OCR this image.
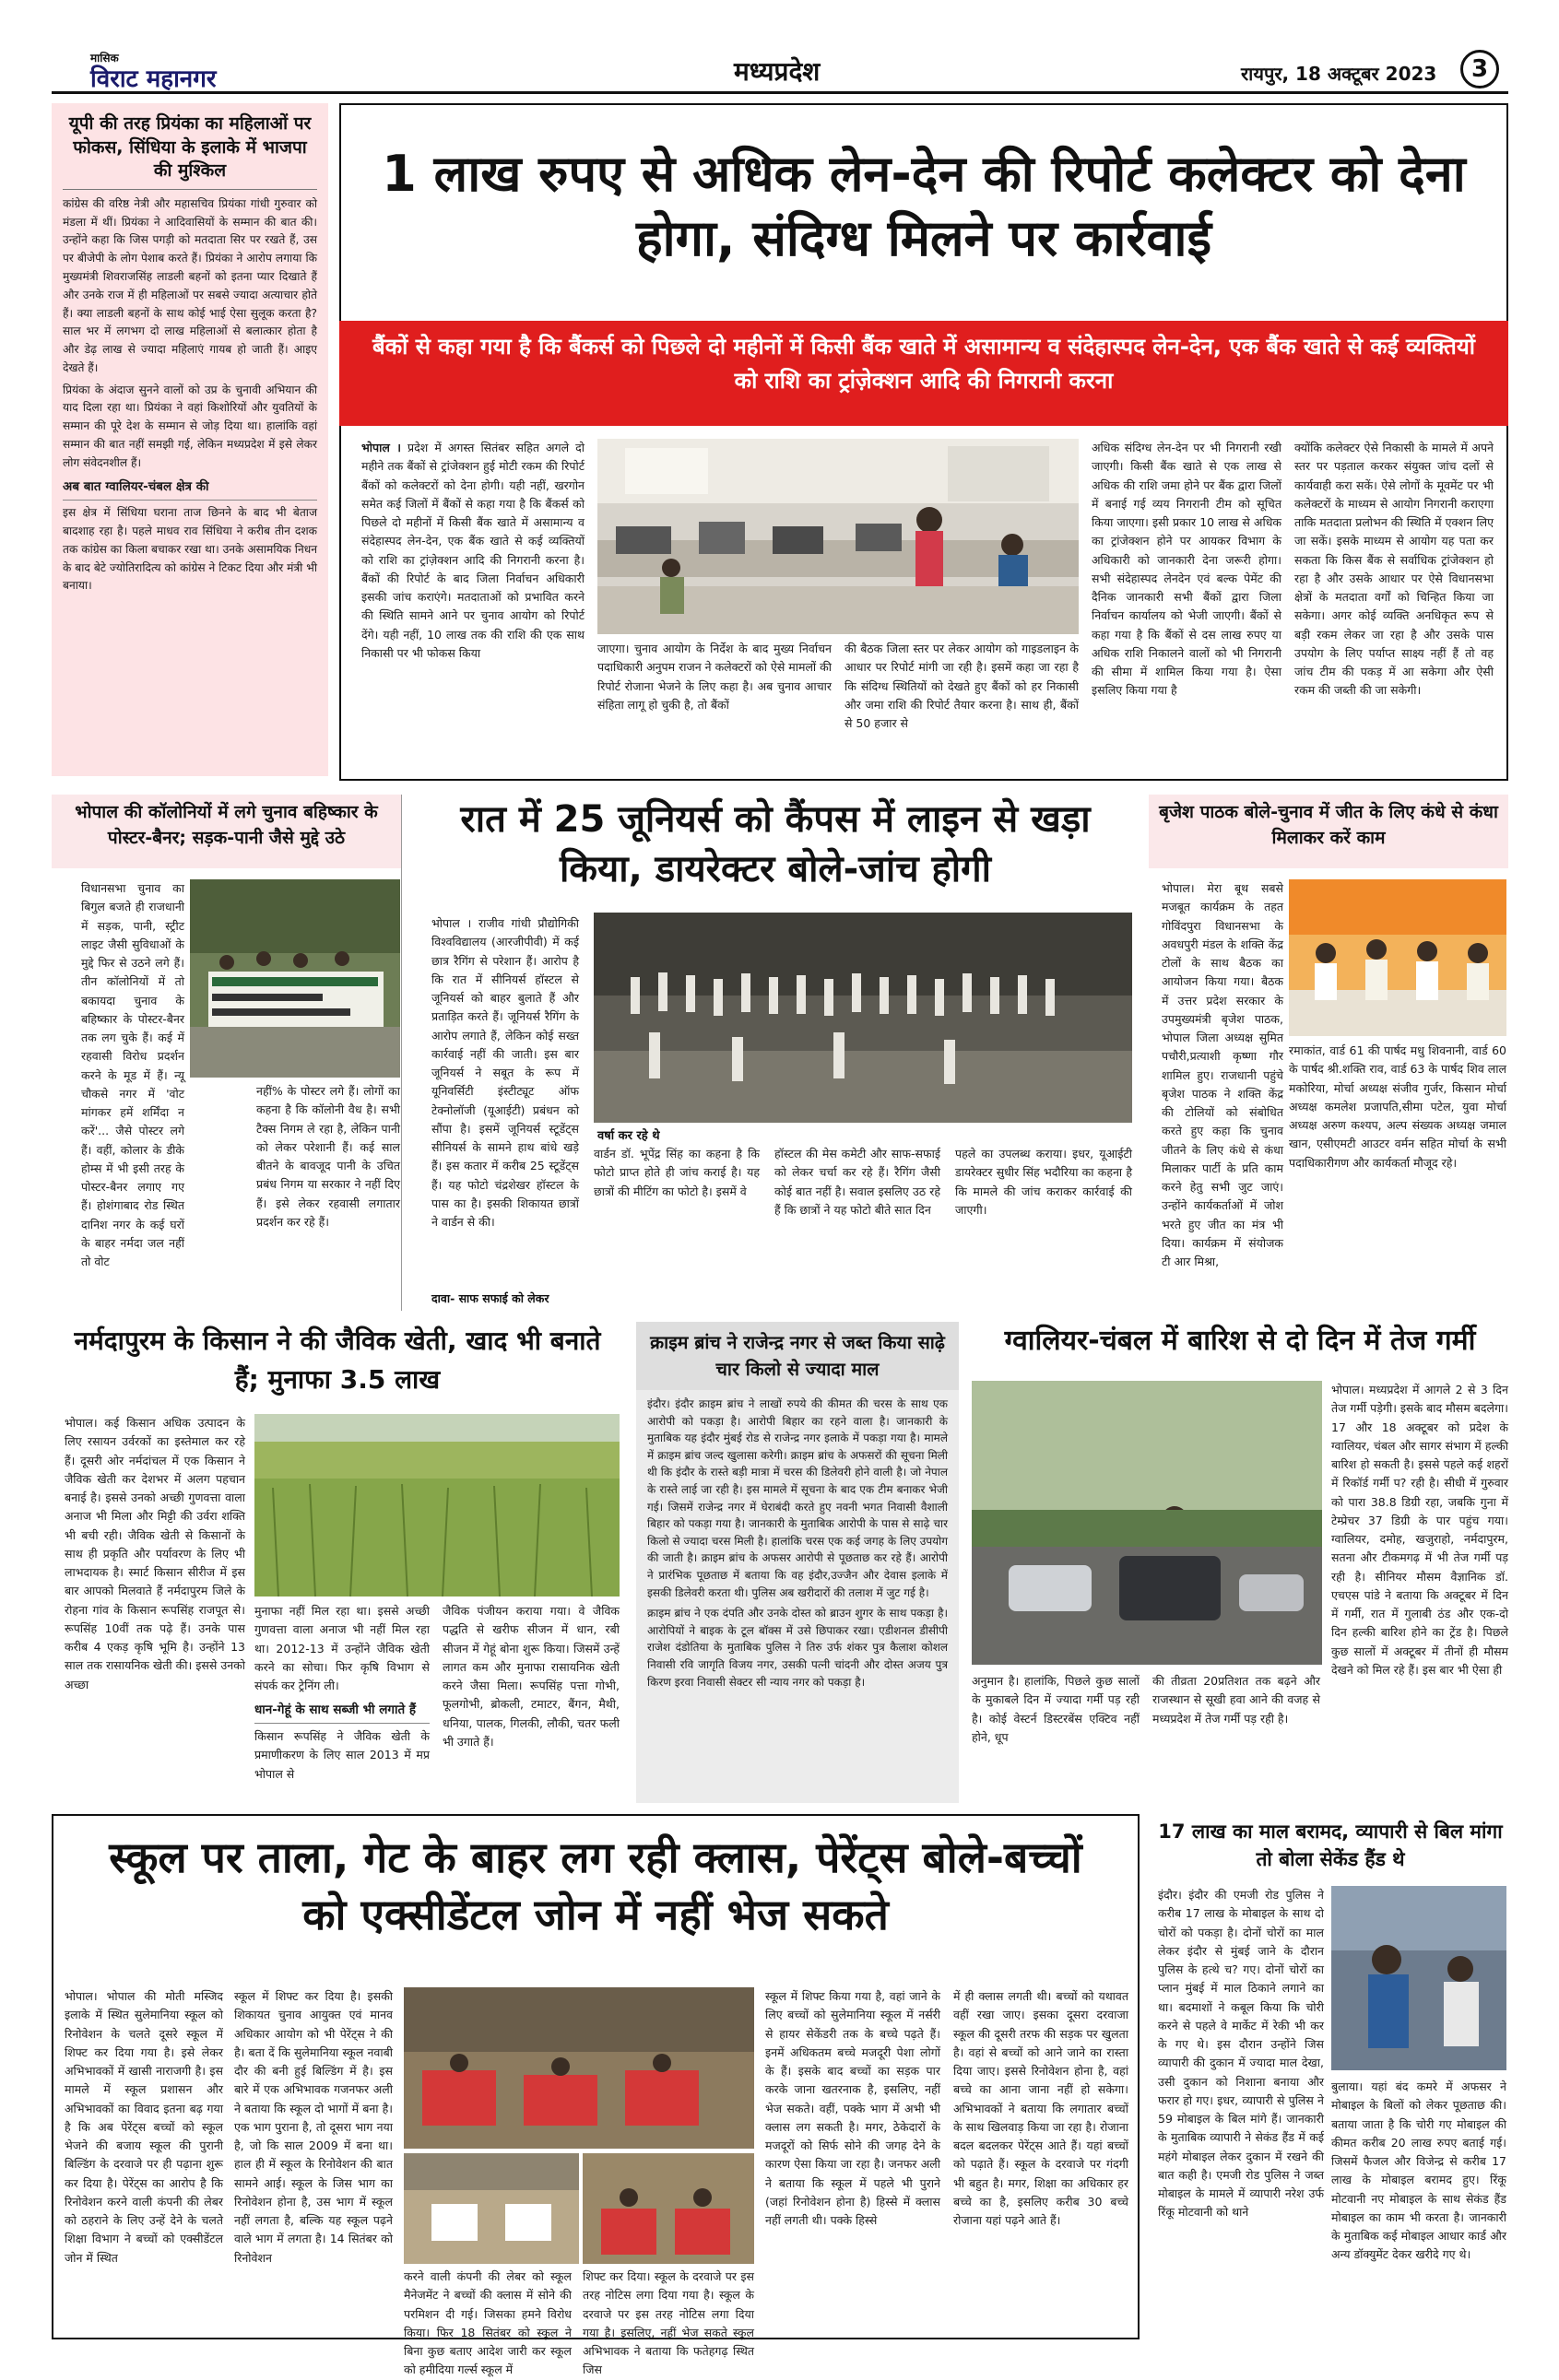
मासिक
विराट महानगर	मध्यप्रदेश	रायपुर, 18 अक्टूबर 2023	3
यूपी की तरह प्रियंका का महिलाओं पर फोकस, सिंधिया के इलाके में भाजपा की मुश्किल

कांग्रेस की वरिष्ठ नेत्री और महासचिव प्रियंका गांधी गुरुवार को मंडला में थीं। प्रियंका ने आदिवासियों के सम्मान की बात की। उन्होंने कहा कि जिस पगड़ी को मतदाता सिर पर रखते हैं, उस पर बीजेपी के लोग पेशाब करते हैं। प्रियंका ने आरोप लगाया कि मुख्यमंत्री शिवराजसिंह लाडली बहनों को इतना प्यार दिखाते हैं और उनके राज में ही महिलाओं पर सबसे ज्यादा अत्याचार होते हैं। क्या लाडली बहनों के साथ कोई भाई ऐसा सुलूक करता है? साल भर में लगभग दो लाख महिलाओं से बलात्कार होता है और डेढ़ लाख से ज्यादा महिलाएं गायब हो जाती हैं। आइए देखते हैं।

प्रियंका के अंदाज सुनने वालों को उप्र के चुनावी अभियान की याद दिला रहा था। प्रियंका ने वहां किशोरियों और युवतियों के सम्मान की पूरे देश के सम्मान से जोड़ दिया था। हालांकि वहां सम्मान की बात नहीं समझी गई, लेकिन मध्यप्रदेश में इसे लेकर लोग संवेदनशील हैं।

अब बात ग्वालियर-चंबल क्षेत्र की

इस क्षेत्र में सिंधिया घराना ताज छिनने के बाद भी बेताज बादशाह रहा है। पहले माधव राव सिंधिया ने करीब तीन दशक तक कांग्रेस का किला बचाकर रखा था। उनके असामयिक निधन के बाद बेटे ज्योतिरादित्य को कांग्रेस ने टिकट दिया और मंत्री भी बनाया।

1 लाख रुपए से अधिक लेन-देन की रिपोर्ट कलेक्टर को देना होगा, संदिग्ध मिलने पर कार्रवाई
बैंकों से कहा गया है कि बैंकर्स को पिछले दो महीनों में किसी बैंक खाते में असामान्य व संदेहास्पद लेन-देन, एक बैंक खाते से कई व्यक्तियों को राशि का ट्रांज़ेक्शन आदि की निगरानी करना
भोपाल । प्रदेश में अगस्त सितंबर सहित अगले दो महीने तक बैंकों से ट्रांजेक्शन हुई मोटी रकम की रिपोर्ट बैंकों को कलेक्टरों को देना होगी। यही नहीं, खरगोन समेत कई जिलों में बैंकों से कहा गया है कि बैंकर्स को पिछले दो महीनों में किसी बैंक खाते में असामान्य व संदेहास्पद लेन-देन, एक बैंक खाते से कई व्यक्तियों को राशि का ट्रांज़ेक्शन आदि की निगरानी करना है। बैंकों की रिपोर्ट के बाद जिला निर्वाचन अधिकारी इसकी जांच कराएंगे। मतदाताओं को प्रभावित करने की स्थिति सामने आने पर चुनाव आयोग को रिपोर्ट देंगे। यही नहीं, 10 लाख तक की राशि की एक साथ निकासी पर भी फोकस किया	जाएगा। चुनाव आयोग के निर्देश के बाद मुख्य निर्वाचन पदाधिकारी अनुपम राजन ने कलेक्टरों को ऐसे मामलों की रिपोर्ट रोजाना भेजने के लिए कहा है। अब चुनाव आचार संहिता लागू हो चुकी है, तो बैंकों
की बैठक जिला स्तर पर लेकर आयोग को गाइडलाइन के आधार पर रिपोर्ट मांगी जा रही है। इसमें कहा जा रहा है कि संदिग्ध स्थितियों को देखते हुए बैंकों को हर निकासी और जमा राशि की रिपोर्ट तैयार करना है। साथ ही, बैंकों से 50 हजार से
अधिक संदिग्ध लेन-देन पर भी निगरानी रखी जाएगी। किसी बैंक खाते से एक लाख से अधिक की राशि जमा होने पर बैंक द्वारा जिलों में बनाई गई व्यय निगरानी टीम को सूचित किया जाएगा। इसी प्रकार 10 लाख से अधिक का ट्रांजेक्शन होने पर आयकर विभाग के अधिकारी को जानकारी देना जरूरी होगा। सभी संदेहास्पद लेनदेन एवं बल्क पेमेंट की दैनिक जानकारी सभी बैंकों द्वारा जिला निर्वाचन कार्यालय को भेजी जाएगी। बैंकों से कहा गया है कि बैंकों से दस लाख रुपए या अधिक राशि निकालने वालों को भी निगरानी की सीमा में शामिल किया गया है। ऐसा इसलिए किया गया है
क्योंकि कलेक्टर ऐसे निकासी के मामले में अपने स्तर पर पड़ताल करकर संयुक्त जांच दलों से कार्यवाही करा सकें। ऐसे लोगों के मूवमेंट पर भी कलेक्टरों के माध्यम से आयोग निगरानी कराएगा ताकि मतदाता प्रलोभन की स्थिति में एक्शन लिए जा सकें। इसके माध्यम से आयोग यह पता कर सकता कि किस बैंक से सर्वाधिक ट्रांजेक्शन हो रहा है और उसके आधार पर ऐसे विधानसभा क्षेत्रों के मतदाता वर्गों को चिन्हित किया जा सकेगा। अगर कोई व्यक्ति अनधिकृत रूप से बड़ी रकम लेकर जा रहा है और उसके पास उपयोग के लिए पर्याप्त साक्ष्य नहीं हैं तो वह जांच टीम की पकड़ में आ सकेगा और ऐसी रकम की जब्ती की जा सकेगी।
भोपाल की कॉलोनियों में लगे चुनाव बहिष्कार के पोस्टर-बैनर; सड़क-पानी जैसे मुद्दे उठे
विधानसभा चुनाव का बिगुल बजते ही राजधानी में सड़क, पानी, स्ट्रीट लाइट जैसी सुविधाओं के मुद्दे फिर से उठने लगे हैं। तीन कॉलोनियों में तो बकायदा चुनाव के बहिष्कार के पोस्टर-बैनर तक लग चुके हैं। कई में रहवासी विरोध प्रदर्शन करने के मूड में हैं। न्यू चौकसे नगर में 'वोट मांगकर हमें शर्मिंदा न करें'... जैसे पोस्टर लगे हैं। वहीं, कोलार के डीके होम्स में भी इसी तरह के पोस्टर-बैनर लगाए गए हैं। होशंगाबाद रोड स्थित दानिश नगर के कई घरों के बाहर नर्मदा जल नहीं तो वोट
नहीं% के पोस्टर लगे हैं। लोगों का कहना है कि कॉलोनी वैध है। सभी टैक्स निगम ले रहा है, लेकिन पानी को लेकर परेशानी हैं। कई साल बीतने के बावजूद पानी के उचित प्रबंध निगम या सरकार ने नहीं दिए हैं। इसे लेकर रहवासी लगातार प्रदर्शन कर रहे हैं।
रात में 25 जूनियर्स को कैंपस में लाइन से खड़ा किया, डायरेक्टर बोले-जांच होगी
भोपाल । राजीव गांधी प्रौद्योगिकी विश्वविद्यालय (आरजीपीवी) में कई छात्र रैगिंग से परेशान हैं। आरोप है कि रात में सीनियर्स हॉस्टल से जूनियर्स को बाहर बुलाते हैं और प्रताड़ित करते हैं। जूनियर्स रैगिंग के आरोप लगाते हैं, लेकिन कोई सख्त कार्रवाई नहीं की जाती। इस बार जूनियर्स ने सबूत के रूप में यूनिवर्सिटी इंस्टीट्यूट ऑफ टेक्नोलॉजी (यूआईटी) प्रबंधन को सौंपा है। इसमें जूनियर्स स्टूडेंट्स सीनियर्स के सामने हाथ बांधे खड़े हैं। इस कतार में करीब 25 स्टूडेंट्स हैं। यह फोटो चंद्रशेखर हॉस्टल के पास का है। इसकी शिकायत छात्रों ने वार्डन से की।
दावा- साफ सफाई को लेकर
वर्षा कर रहे थे
वार्डन डॉ. भूपेंद्र सिंह का कहना है कि फोटो प्राप्त होते ही जांच कराई है। यह छात्रों की मीटिंग का फोटो है। इसमें वे
हॉस्टल की मेस कमेटी और साफ-सफाई को लेकर चर्चा कर रहे हैं। रैगिंग जैसी कोई बात नहीं है। सवाल इसलिए उठ रहे हैं कि छात्रों ने यह फोटो बीते सात दिन
पहले का उपलब्ध कराया। इधर, यूआईटी डायरेक्टर सुधीर सिंह भदौरिया का कहना है कि मामले की जांच कराकर कार्रवाई की जाएगी।
बृजेश पाठक बोले-चुनाव में जीत के लिए कंधे से कंधा मिलाकर करें काम
भोपाल। मेरा बूथ सबसे मजबूत कार्यक्रम के तहत गोविंदपुरा विधानसभा के अवधपुरी मंडल के शक्ति केंद्र टोलों के साथ बैठक का आयोजन किया गया। बैठक में उत्तर प्रदेश सरकार के उपमुख्यमंत्री बृजेश पाठक, भोपाल जिला अध्यक्ष सुमित पचौरी,प्रत्याशी कृष्णा गौर शामिल हुए। राजधानी पहुंचे बृजेश पाठक ने शक्ति केंद्र की टोलियों को संबोधित करते हुए कहा कि चुनाव जीतने के लिए कंधे से कंधा मिलाकर पार्टी के प्रति काम करने हेतु सभी जुट जाएं। उन्होंने कार्यकर्ताओं में जोश भरते हुए जीत का मंत्र भी दिया। कार्यक्रम में संयोजक टी आर मिश्रा,
रमाकांत, वार्ड 61 की पार्षद मधु शिवनानी, वार्ड 60 के पार्षद श्री.शक्ति राव, वार्ड 63 के पार्षद शिव लाल मकोरिया, मोर्चा अध्यक्ष संजीव गुर्जर, किसान मोर्चा अध्यक्ष कमलेश प्रजापति,सीमा पटेल, युवा मोर्चा अध्यक्ष अरुण कश्यप, अल्प संख्यक अध्यक्ष जमाल खान, एसीएमटी आउटर वर्मन सहित मोर्चा के सभी पदाधिकारीगण और कार्यकर्ता मौजूद रहे।
नर्मदापुरम के किसान ने की जैविक खेती, खाद भी बनाते हैं; मुनाफा 3.5 लाख
भोपाल। कई किसान अधिक उत्पादन के लिए रसायन उर्वरकों का इस्तेमाल कर रहे हैं। दूसरी ओर नर्मदांचल में एक किसान ने जैविक खेती कर देशभर में अलग पहचान बनाई है। इससे उनको अच्छी गुणवत्ता वाला अनाज भी मिला और मिट्टी की उर्वरा शक्ति भी बची रही। जैविक खेती से किसानों के साथ ही प्रकृति और पर्यावरण के लिए भी लाभदायक है। स्मार्ट किसान सीरीज में इस बार आपको मिलवाते हैं नर्मदापुरम जिले के रोहना गांव के किसान रूपसिंह राजपूत से। रूपसिंह 10वीं तक पढ़े हैं। उनके पास करीब 4 एकड़ कृषि भूमि है। उन्होंने 13 साल तक रासायनिक खेती की। इससे उनको अच्छा
मुनाफा नहीं मिल रहा था। इससे अच्छी गुणवत्ता वाला अनाज भी नहीं मिल रहा था। 2012-13 में उन्होंने जैविक खेती करने का सोचा। फिर कृषि विभाग से संपर्क कर ट्रेनिंग ली।
धान-गेहूं के साथ सब्जी भी लगाते हैं
किसान रूपसिंह ने जैविक खेती के प्रमाणीकरण के लिए साल 2013 में मप्र भोपाल से
जैविक पंजीयन कराया गया। वे जैविक पद्धति से खरीफ सीजन में धान, रबी सीजन में गेहूं बोना शुरू किया। जिसमें उन्हें लागत कम और मुनाफा रासायनिक खेती करने जैसा मिला। रूपसिंह पत्ता गोभी, फूलगोभी, ब्रोकली, टमाटर, बैंगन, मैथी, धनिया, पालक, गिलकी, लौकी, चतर फली भी उगाते हैं।
क्राइम ब्रांच ने राजेन्द्र नगर से जब्त किया साढ़े चार किलो से ज्यादा माल

इंदौर। इंदौर क्राइम ब्रांच ने लाखों रुपये की कीमत की चरस के साथ एक आरोपी को पकड़ा है। आरोपी बिहार का रहने वाला है। जानकारी के मुताबिक यह इंदौर मुंबई रोड से राजेन्द्र नगर इलाके में पकड़ा गया है। मामले में क्राइम ब्रांच जल्द खुलासा करेगी। क्राइम ब्रांच के अफसरों की सूचना मिली थी कि इंदौर के रास्ते बड़ी मात्रा में चरस की डिलेवरी होने वाली है। जो नेपाल के रास्ते लाई जा रही है। इस मामले में सूचना के बाद एक टीम बनाकर भेजी गई। जिसमें राजेन्द्र नगर में घेराबंदी करते हुए नवनी भगत निवासी वैशाली बिहार को पकड़ा गया है। जानकारी के मुताबिक आरोपी के पास से साढ़े चार किलो से ज्यादा चरस मिली है। हालांकि चरस एक कई जगह के लिए उपयोग की जाती है। क्राइम ब्रांच के अफसर आरोपी से पूछताछ कर रहे हैं। आरोपी ने प्रारंभिक पूछताछ में बताया कि वह इंदौर,उज्जैन और देवास इलाके में इसकी डिलेवरी करता थी। पुलिस अब खरीदारों की तलाश में जुट गई है।

क्राइम ब्रांच ने एक दंपति और उनके दोस्त को ब्राउन शुगर के साथ पकड़ा है। आरोपियों ने बाइक के टूल बॉक्स में उसे छिपाकर रखा। एडीशनल डीसीपी राजेश दंडोतिया के मुताबिक पुलिस ने तिरु उर्फ शंकर पुत्र कैलाश कोशल निवासी रवि जागृति विजय नगर, उसकी पत्नी चांदनी और दोस्त अजय पुत्र किरण इरवा निवासी सेक्टर सी न्याय नगर को पकड़ा है।

ग्वालियर-चंबल में बारिश से दो दिन में तेज गर्मी
भोपाल। मध्यप्रदेश में आगले 2 से 3 दिन तेज गर्मी पड़ेगी। इसके बाद मौसम बदलेगा। 17 और 18 अक्टूबर को प्रदेश के ग्वालियर, चंबल और सागर संभाग में हल्की बारिश हो सकती है। इससे पहले कई शहरों में रिकॉर्ड गर्मी प? रही है। सीधी में गुरुवार को पारा 38.8 डिग्री रहा, जबकि गुना में टेम्प्रेचर 37 डिग्री के पार पहुंच गया। ग्वालियर, दमोह, खजुराहो, नर्मदापुरम, सतना और टीकमगढ़ में भी तेज गर्मी पड़ रही है। सीनियर मौसम वैज्ञानिक डॉ. एचएस पांडे ने बताया कि अक्टूबर में दिन में गर्मी, रात में गुलाबी ठंड और एक-दो दिन हल्की बारिश होने का ट्रेंड है। पिछले कुछ सालों में अक्टूबर में तीनों ही मौसम देखने को मिल रहे हैं। इस बार भी ऐसा ही
अनुमान है। हालांकि, पिछले कुछ सालों के मुकाबले दिन में ज्यादा गर्मी पड़ रही है। कोई वेस्टर्न डिस्टरबेंस एक्टिव नहीं होने, धूप
की तीव्रता 20प्रतिशत तक बढ़ने और राजस्थान से सूखी हवा आने की वजह से मध्यप्रदेश में तेज गर्मी पड़ रही है।
स्कूल पर ताला, गेट के बाहर लग रही क्लास, पेरेंट्स बोले-बच्चों को एक्सीडेंटल जोन में नहीं भेज सकते
भोपाल। भोपाल की मोती मस्जिद इलाके में स्थित सुलेमानिया स्कूल को रिनोवेशन के चलते दूसरे स्कूल में शिफ्ट कर दिया गया है। इसे लेकर अभिभावकों में खासी नाराजगी है। इस मामले में स्कूल प्रशासन और अभिभावकों का विवाद इतना बढ़ गया है कि अब पेरेंट्स बच्चों को स्कूल भेजने की बजाय स्कूल की पुरानी बिल्डिंग के दरवाजे पर ही पढ़ाना शुरू कर दिया है। पेरेंट्स का आरोप है कि रिनोवेशन करने वाली कंपनी की लेबर को ठहराने के लिए उन्हें देने के चलते शिक्षा विभाग ने बच्चों को एक्सीडेंटल जोन में स्थित
स्कूल में शिफ्ट कर दिया है। इसकी शिकायत चुनाव आयुक्त एवं मानव अधिकार आयोग को भी पेरेंट्स ने की है। बता दें कि सुलेमानिया स्कूल नवाबी दौर की बनी हुई बिल्डिंग में है। इस बारे में एक अभिभावक गजनफर अली ने बताया कि स्कूल दो भागों में बना है। एक भाग पुराना है, तो दूसरा भाग नया है, जो कि साल 2009 में बना था। हाल ही में स्कूल के रिनोवेशन की बात सामने आई। स्कूल के जिस भाग का रिनोवेशन होना है, उस भाग में स्कूल नहीं लगता है, बल्कि यह स्कूल पढ़ने वाले भाग में लगता है। 14 सितंबर को रिनोवेशन
करने वाली कंपनी की लेबर को स्कूल मैनेजमेंट ने बच्चों की क्लास में सोने की परमिशन दी गई। जिसका हमने विरोध किया। फिर 18 सितंबर को स्कूल ने बिना कुछ बताए आदेश जारी कर स्कूल को हमीदिया गर्ल्स स्कूल में
शिफ्ट कर दिया। स्कूल के दरवाजे पर इस तरह नोटिस लगा दिया गया है। स्कूल के दरवाजे पर इस तरह नोटिस लगा दिया गया है। इसलिए, नहीं भेज सकते स्कूल अभिभावक ने बताया कि फतेहगढ़ स्थित जिस
स्कूल में शिफ्ट किया गया है, वहां जाने के लिए बच्चों को सुलेमानिया स्कूल में नर्सरी से हायर सेकेंडरी तक के बच्चे पढ़ते हैं। इनमें अधिकतम बच्चे मजदूरी पेशा लोगों के हैं। इसके बाद बच्चों का सड़क पार करके जाना खतरनाक है, इसलिए, नहीं भेज सकते। वहीं, पक्के भाग में अभी भी क्लास लग सकती है। मगर, ठेकेदारों के मजदूरों को सिर्फ सोने की जगह देने के कारण ऐसा किया जा रहा है। जनफर अली ने बताया कि स्कूल में पहले भी पुराने (जहां रिनोवेशन होना है) हिस्से में क्लास नहीं लगती थी। पक्के हिस्से
में ही क्लास लगती थी। बच्चों को यथावत वहीं रखा जाए। इसका दूसरा दरवाजा स्कूल की दूसरी तरफ की सड़क पर खुलता है। वहां से बच्चों को आने जाने का रास्ता दिया जाए। इससे रिनोवेशन होना है, वहां बच्चे का आना जाना नहीं हो सकेगा। अभिभावकों ने बताया कि लगातार बच्चों के साथ खिलवाड़ किया जा रहा है। रोजाना बदल बदलकर पेरेंट्स आते हैं। यहां बच्चों को पढ़ाते हैं। स्कूल के दरवाजे पर गंदगी भी बहुत है। मगर, शिक्षा का अधिकार हर बच्चे का है, इसलिए करीब 30 बच्चे रोजाना यहां पढ़ने आते हैं।
17 लाख का माल बरामद, व्यापारी से बिल मांगा तो बोला सेकेंड हैंड थे
इंदौर। इंदौर की एमजी रोड पुलिस ने करीब 17 लाख के मोबाइल के साथ दो चोरों को पकड़ा है। दोनों चोरों का माल लेकर इंदौर से मुंबई जाने के दौरान पुलिस के हत्थे च? गए। दोनों चोरों का प्लान मुंबई में माल ठिकाने लगाने का था। बदमाशों ने कबूल किया कि चोरी करने से पहले वे मार्केट में रेकी भी कर के गए थे। इस दौरान उन्होंने जिस व्यापारी की दुकान में ज्यादा माल देखा, उसी दुकान को निशाना बनाया और फरार हो गए। इधर, व्यापारी से पुलिस ने 59 मोबाइल के बिल मांगे हैं। जानकारी के मुताबिक व्यापारी ने सेकंड हैंड में कई महंगे मोबाइल लेकर दुकान में रखने की बात कही है। एमजी रोड पुलिस ने जब्त मोबाइल के मामले में व्यापारी नरेश उर्फ रिंकू मोटवानी को थाने
बुलाया। यहां बंद कमरे में अफसर ने मोबाइल के बिलों को लेकर पूछताछ की। बताया जाता है कि चोरी गए मोबाइल की कीमत करीब 20 लाख रुपए बताई गई। जिसमें फैजल और विजेन्द्र से करीब 17 लाख के मोबाइल बरामद हुए। रिंकू मोटवानी नए मोबाइल के साथ सेकंड हैंड मोबाइल का काम भी करता है। जानकारी के मुताबिक कई मोबाइल आधार कार्ड और अन्य डॉक्युमेंट देकर खरीदे गए थे।
